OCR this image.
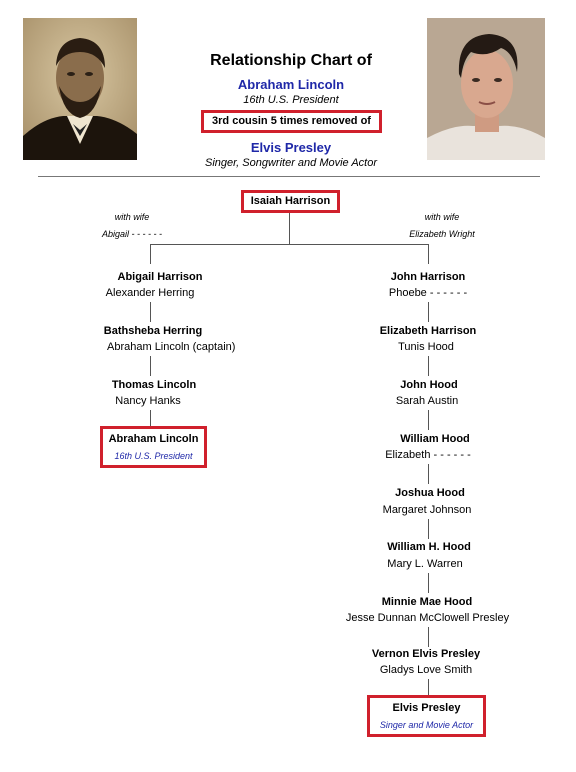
Relationship Chart of
Abraham Lincoln
16th U.S. President
3rd cousin 5 times removed of
Elvis Presley
Singer, Songwriter and Movie Actor
Isaiah Harrison
with wife
Abigail - - - - - -
with wife
Elizabeth Wright
Abigail Harrison
Alexander Herring
Bathsheba Herring
Abraham Lincoln (captain)
Thomas Lincoln
Nancy Hanks
Abraham Lincoln
16th U.S. President
John Harrison
Phoebe - - - - - -
Elizabeth Harrison
Tunis Hood
John Hood
Sarah Austin
William Hood
Elizabeth - - - - - -
Joshua Hood
Margaret Johnson
William H. Hood
Mary L. Warren
Minnie Mae Hood
Jesse Dunnan McClowell Presley
Vernon Elvis Presley
Gladys Love Smith
Elvis Presley
Singer and Movie Actor
